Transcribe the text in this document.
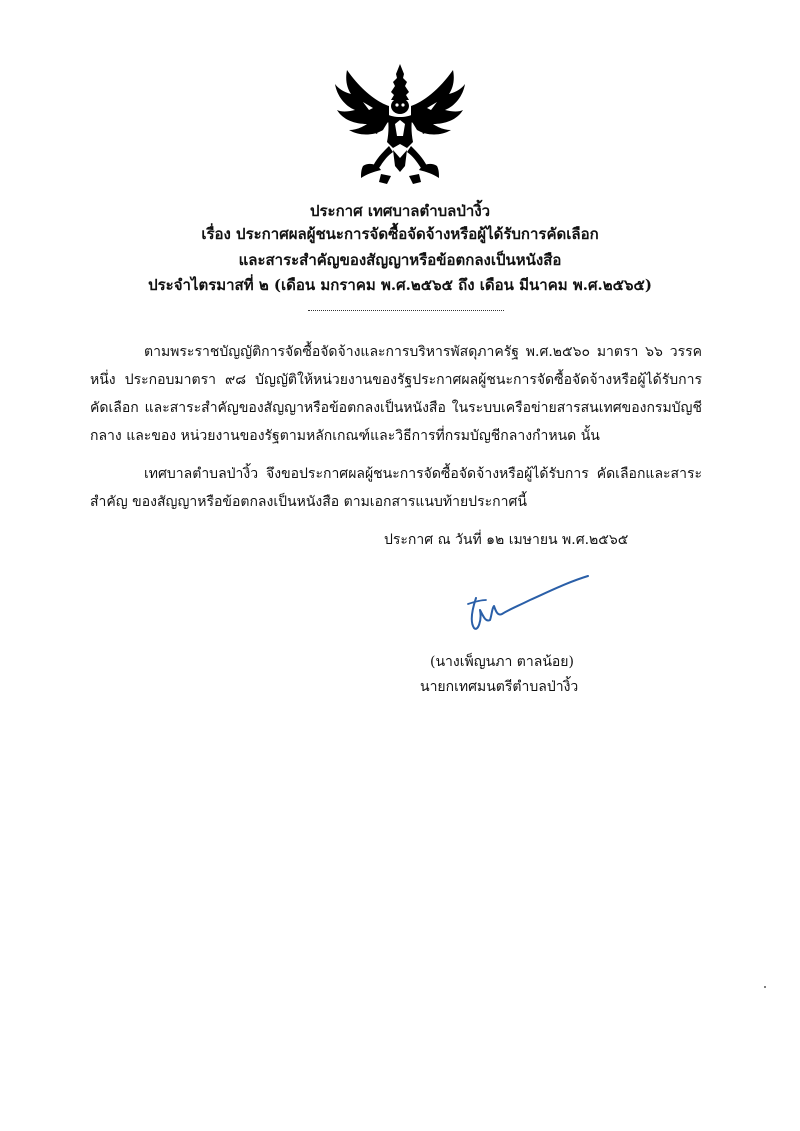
ประกาศ เทศบาลตำบลป่างิ้ว
เรื่อง ประกาศผลผู้ชนะการจัดซื้อจัดจ้างหรือผู้ได้รับการคัดเลือก
และสาระสำคัญของสัญญาหรือข้อตกลงเป็นหนังสือ
ประจำไตรมาสที่ ๒ (เดือน มกราคม พ.ศ.๒๕๖๕ ถึง เดือน มีนาคม พ.ศ.๒๕๖๕)
ตามพระราชบัญญัติการจัดซื้อจัดจ้างและการบริหารพัสดุภาครัฐ พ.ศ.๒๕๖๐ มาตรา ๖๖ วรรคหนึ่ง ประกอบมาตรา ๙๘ บัญญัติให้หน่วยงานของรัฐประกาศผลผู้ชนะการจัดซื้อจัดจ้างหรือผู้ได้รับการ คัดเลือก และสาระสำคัญของสัญญาหรือข้อตกลงเป็นหนังสือ ในระบบเครือข่ายสารสนเทศของกรมบัญชีกลาง และของ หน่วยงานของรัฐตามหลักเกณฑ์และวิธีการที่กรมบัญชีกลางกำหนด นั้น
เทศบาลตำบลป่างิ้ว จึงขอประกาศผลผู้ชนะการจัดซื้อจัดจ้างหรือผู้ได้รับการ คัดเลือกและสาระสำคัญ ของสัญญาหรือข้อตกลงเป็นหนังสือ ตามเอกสารแนบท้ายประกาศนี้
ประกาศ ณ วันที่ ๑๒ เมษายน พ.ศ.๒๕๖๕
(นางเพ็ญนภา ตาลน้อย)
นายกเทศมนตรีตำบลป่างิ้ว
